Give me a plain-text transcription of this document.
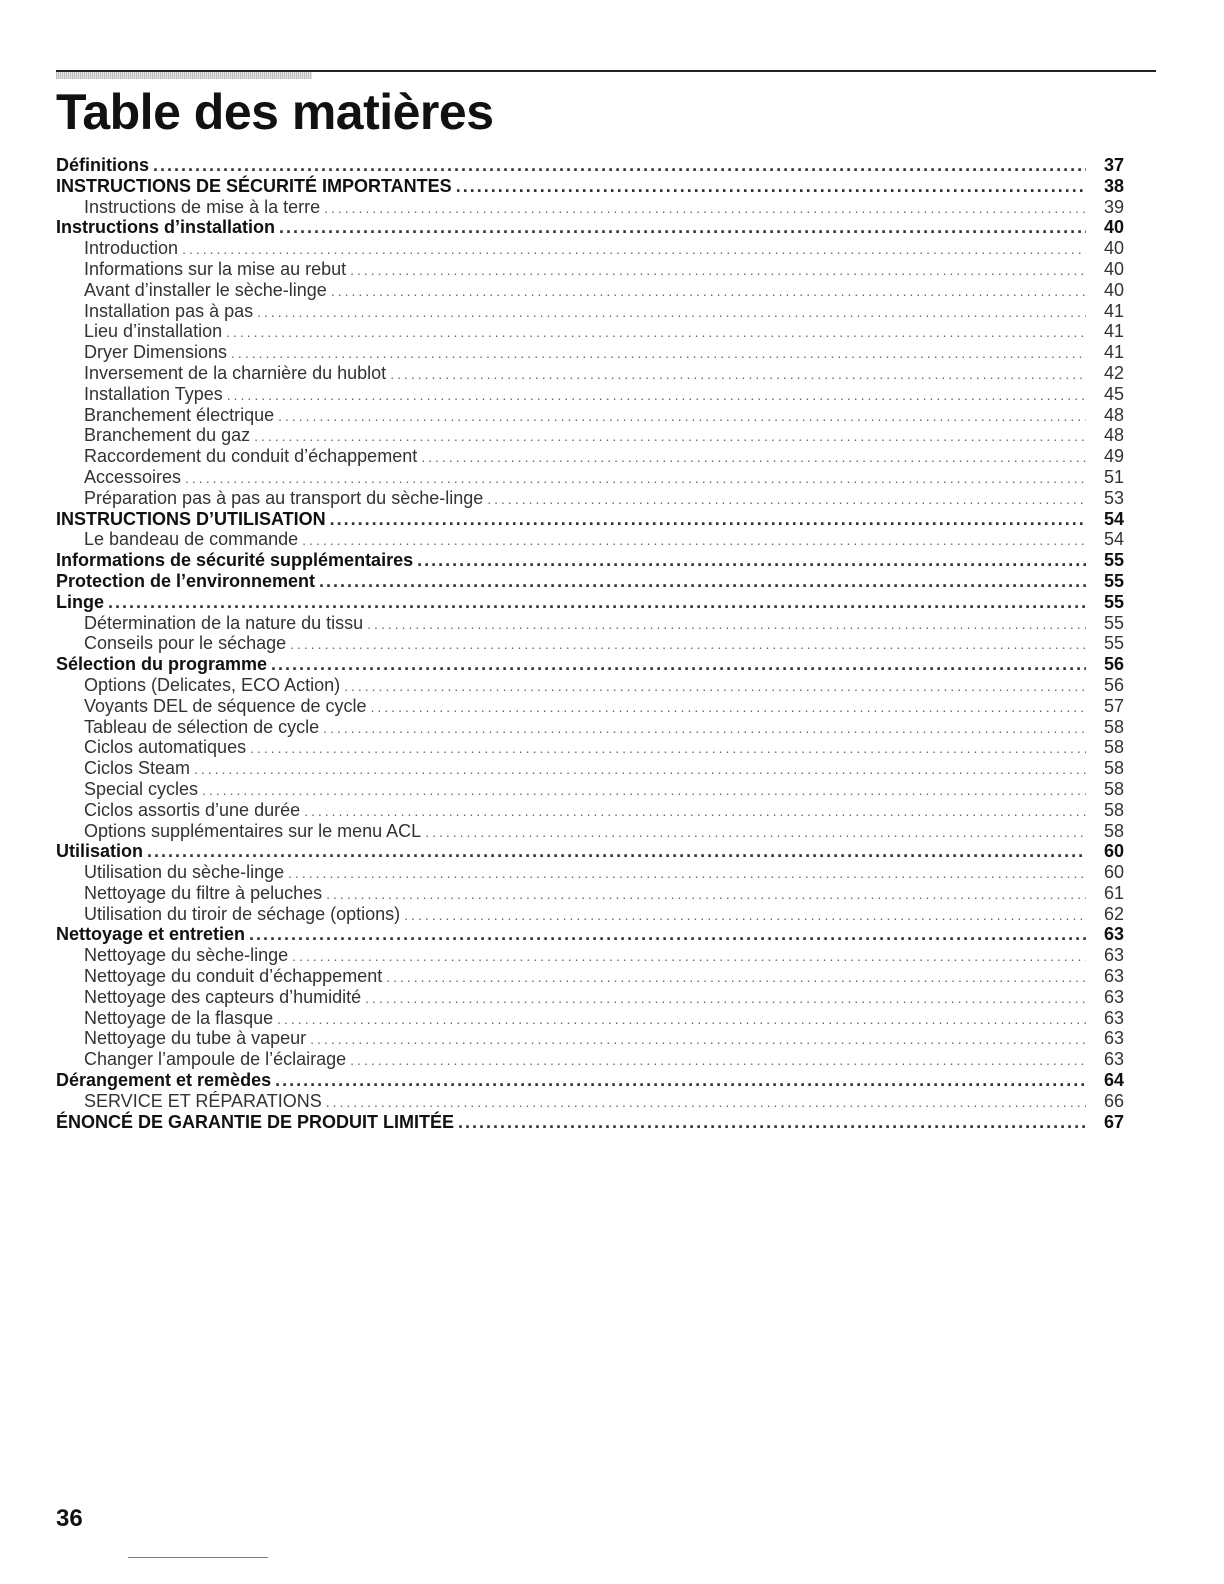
Table des matières
Définitions .....	37
INSTRUCTIONS DE SÉCURITÉ IMPORTANTES .....	38
Instructions de mise à la terre .....	39
Instructions d’installation .....	40
Introduction .....	40
Informations sur la mise au rebut .....	40
Avant d’installer le sèche-linge .....	40
Installation pas à pas .....	41
Lieu d’installation .....	41
Dryer Dimensions .....	41
Inversement de la charnière du hublot .....	42
Installation Types .....	45
Branchement électrique .....	48
Branchement du gaz .....	48
Raccordement du conduit d’échappement .....	49
Accessoires .....	51
Préparation pas à pas au transport du sèche-linge .....	53
INSTRUCTIONS D’UTILISATION .....	54
Le bandeau de commande .....	54
Informations de sécurité supplémentaires .....	55
Protection de l’environnement .....	55
Linge .....	55
Détermination de la nature du tissu .....	55
Conseils pour le séchage .....	55
Sélection du programme .....	56
Options (Delicates, ECO Action) .....	56
Voyants DEL de séquence de cycle .....	57
Tableau de sélection de cycle .....	58
Ciclos automatiques .....	58
Ciclos Steam .....	58
Special cycles .....	58
Ciclos assortis d’une durée .....	58
Options supplémentaires sur le menu ACL .....	58
Utilisation .....	60
Utilisation du sèche-linge .....	60
Nettoyage du filtre à peluches .....	61
Utilisation du tiroir de séchage (options) .....	62
Nettoyage et entretien .....	63
Nettoyage du sèche-linge .....	63
Nettoyage du conduit d’échappement .....	63
Nettoyage des capteurs d’humidité .....	63
Nettoyage de la flasque .....	63
Nettoyage du tube à vapeur .....	63
Changer l’ampoule de l’éclairage .....	63
Dérangement et remèdes .....	64
SERVICE ET RÉPARATIONS .....	66
ÉNONCÉ DE GARANTIE DE PRODUIT LIMITÉE .....	67
36
